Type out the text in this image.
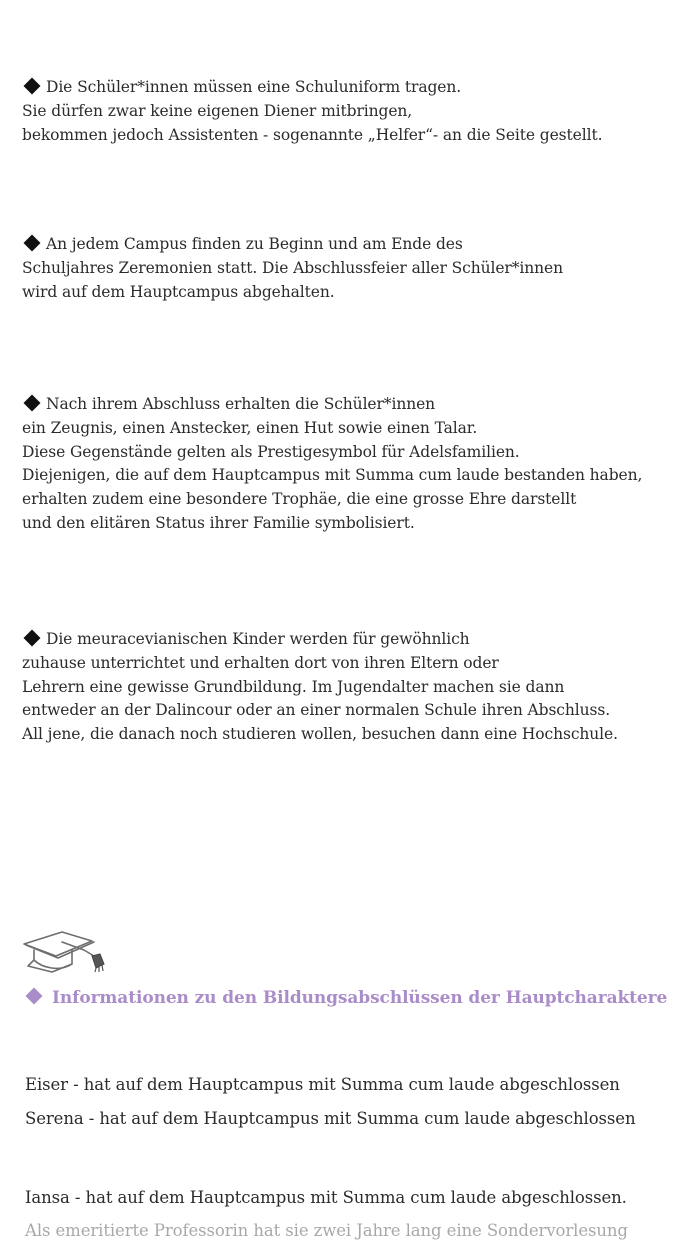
Die Schüler*innen müssen eine Schuluniform tragen.
Sie dürfen zwar keine eigenen Diener mitbringen,
bekommen jedoch Assistenten - sogenannte „Helfer“- an die Seite gestellt.
An jedem Campus finden zu Beginn und am Ende des
Schuljahres Zeremonien statt. Die Abschlussfeier aller Schüler*innen
wird auf dem Hauptcampus abgehalten.
Nach ihrem Abschluss erhalten die Schüler*innen
ein Zeugnis, einen Anstecker, einen Hut sowie einen Talar.
Diese Gegenstände gelten als Prestigesymbol für Adelsfamilien.
Diejenigen, die auf dem Hauptcampus mit Summa cum laude bestanden haben,
erhalten zudem eine besondere Trophäe, die eine grosse Ehre darstellt
und den elitären Status ihrer Familie symbolisiert.
Die meuracevianischen Kinder werden für gewöhnlich
zuhause unterrichtet und erhalten dort von ihren Eltern oder
Lehrern eine gewisse Grundbildung. Im Jugendalter machen sie dann
entweder an der Dalincour oder an einer normalen Schule ihren Abschluss.
All jene, die danach noch studieren wollen, besuchen dann eine Hochschule.
Informationen zu den Bildungsabschlüssen der Hauptcharaktere
Eiser - hat auf dem Hauptcampus mit Summa cum laude abgeschlossen
Serena - hat auf dem Hauptcampus mit Summa cum laude abgeschlossen
Iansa - hat auf dem Hauptcampus mit Summa cum laude abgeschlossen.
Als emeritierte Professorin hat sie zwei Jahre lang eine Sondervorlesung
